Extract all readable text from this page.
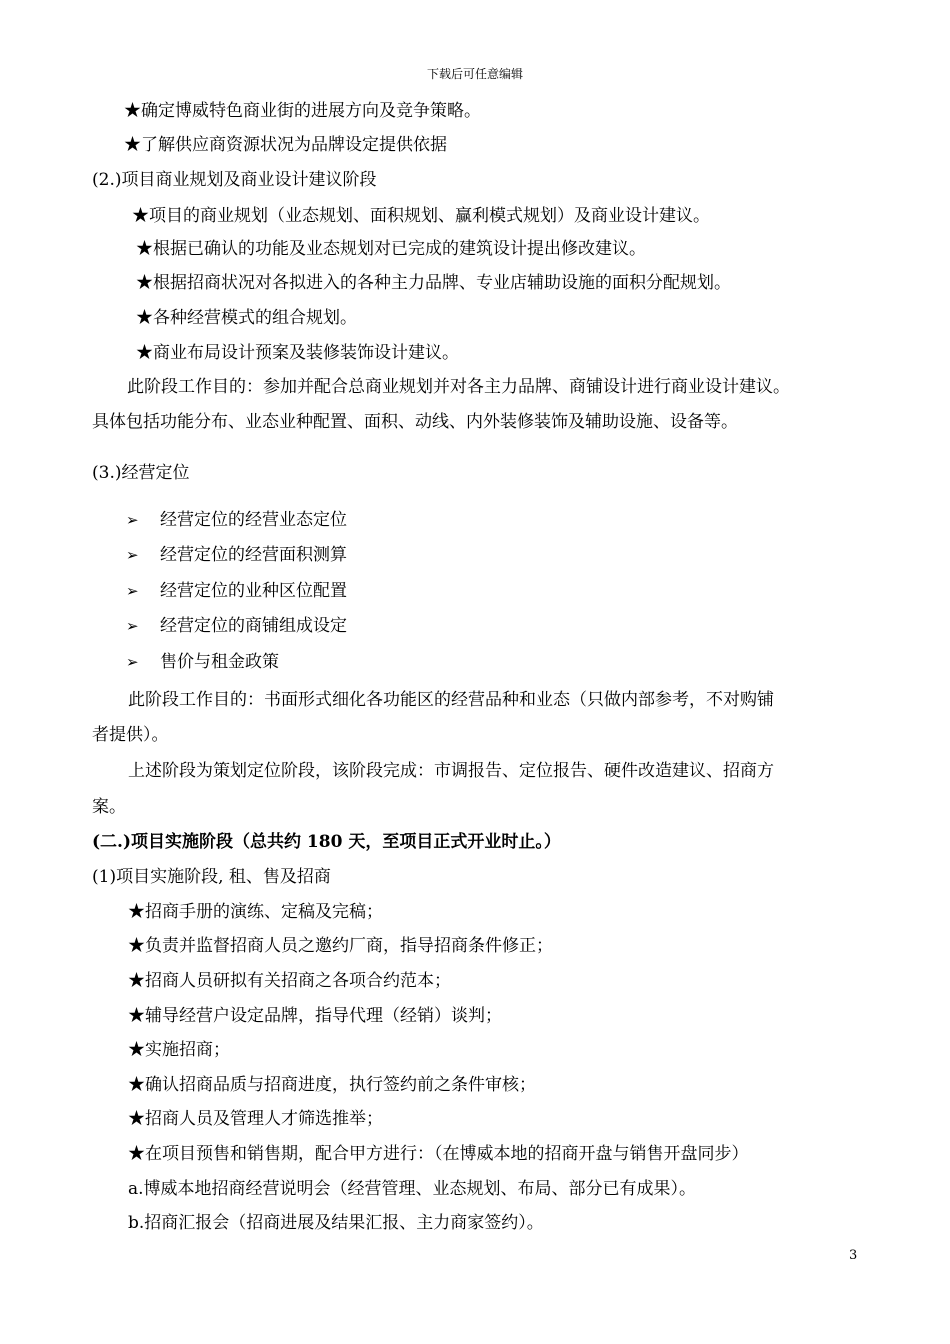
下载后可任意编辑
★确定博威特色商业街的进展方向及竞争策略。
★了解供应商资源状况为品牌设定提供依据
(2.)项目商业规划及商业设计建议阶段
★项目的商业规划（业态规划、面积规划、赢利模式规划）及商业设计建议。
★根据已确认的功能及业态规划对已完成的建筑设计提出修改建议。
★根据招商状况对各拟进入的各种主力品牌、专业店辅助设施的面积分配规划。
★各种经营模式的组合规划。
★商业布局设计预案及装修装饰设计建议。
此阶段工作目的：参加并配合总商业规划并对各主力品牌、商铺设计进行商业设计建议。
具体包括功能分布、业态业种配置、面积、动线、内外装修装饰及辅助设施、设备等。
(3.)经营定位
➢ 经营定位的经营业态定位
➢ 经营定位的经营面积测算
➢ 经营定位的业种区位配置
➢ 经营定位的商铺组成设定
➢ 售价与租金政策
此阶段工作目的：书面形式细化各功能区的经营品种和业态（只做内部参考，不对购铺
者提供）。
上述阶段为策划定位阶段，该阶段完成：市调报告、定位报告、硬件改造建议、招商方
案。
(二.)项目实施阶段（总共约 180 天，至项目正式开业时止。）
(1)项目实施阶段, 租、售及招商
★招商手册的演练、定稿及完稿；
★负责并监督招商人员之邀约厂商，指导招商条件修正；
★招商人员研拟有关招商之各项合约范本；
★辅导经营户设定品牌，指导代理（经销）谈判；
★实施招商；
★确认招商品质与招商进度，执行签约前之条件审核；
★招商人员及管理人才筛选推举；
★在项目预售和销售期，配合甲方进行：（在博威本地的招商开盘与销售开盘同步）
a.博威本地招商经营说明会（经营管理、业态规划、布局、部分已有成果）。
b.招商汇报会（招商进展及结果汇报、主力商家签约）。
3
